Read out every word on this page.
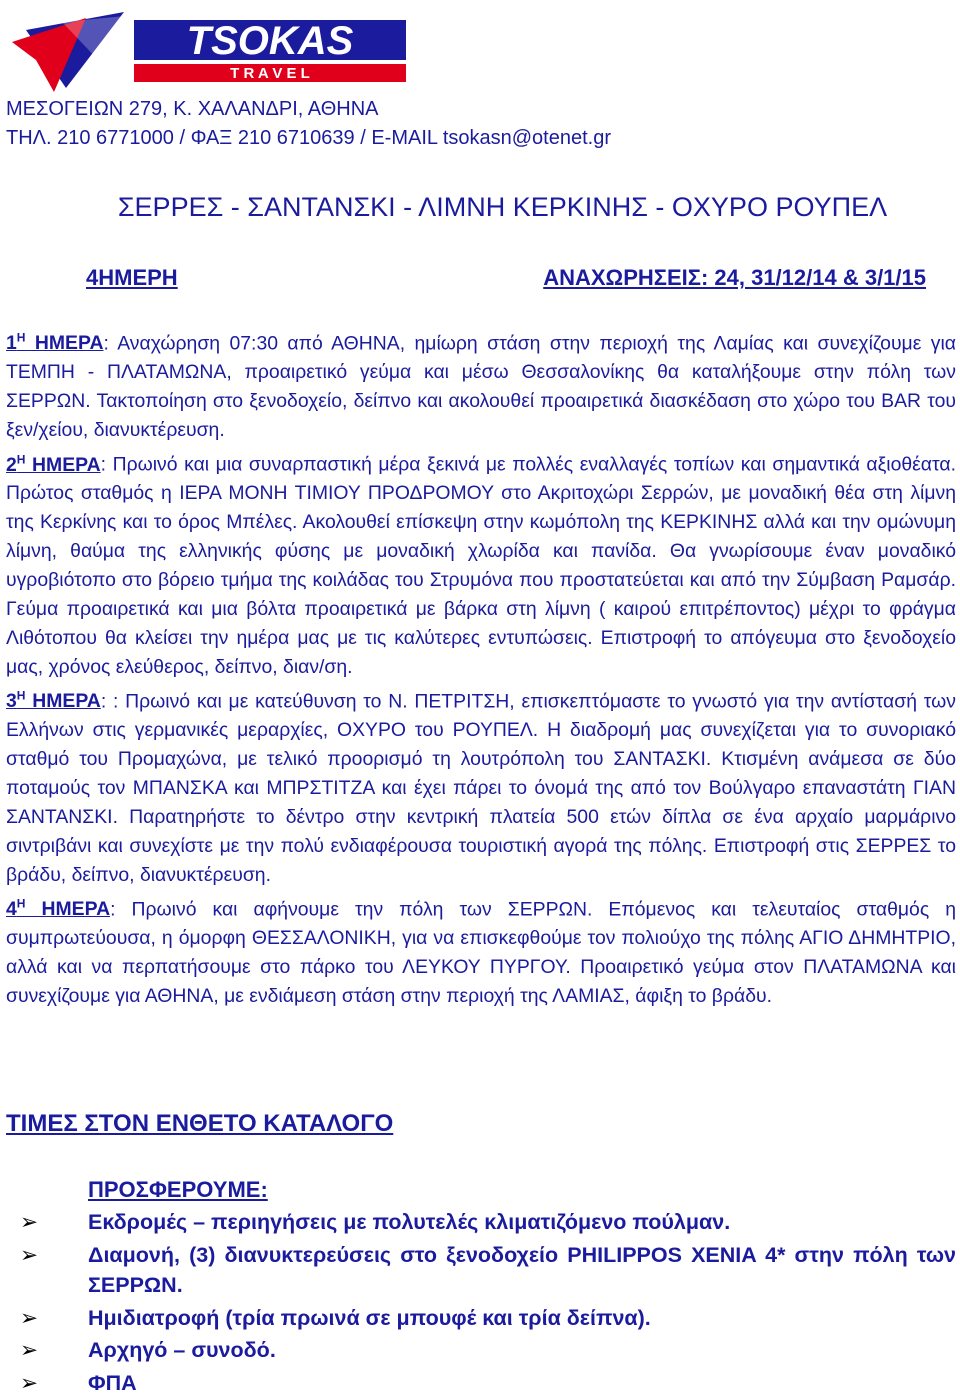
TSOKAS
T R A V E L
ΜΕΣΟΓΕΙΩΝ 279, Κ. ΧΑΛΑΝΔΡΙ, ΑΘΗΝΑ
ΤΗΛ. 210 6771000 / ΦΑΞ 210 6710639 / E-MAIL tsokasn@otenet.gr
ΣΕΡΡΕΣ - ΣΑΝΤΑΝΣΚΙ - ΛΙΜΝΗ ΚΕΡΚΙΝΗΣ - ΟΧΥΡΟ ΡΟΥΠΕΛ
4ΗΜΕΡΗ	ΑΝΑΧΩΡΗΣΕΙΣ: 24, 31/12/14 & 3/1/15

$1^H$ ΗΜΕΡΑ: Αναχώρηση 07:30 από ΑΘΗΝΑ, ημίωρη στάση στην περιοχή της Λαμίας και συνεχίζουμε για ΤΕΜΠΗ - ΠΛΑΤΑΜΩΝΑ, προαιρετικό γεύμα και μέσω Θεσσαλονίκης θα καταλήξουμε στην πόλη των ΣΕΡΡΩΝ. Τακτοποίηση στο ξενοδοχείο, δείπνο και ακολουθεί προαιρετικά διασκέδαση στο χώρο του BAR του ξεν/χείου, διανυκτέρευση.

$2^H$ ΗΜΕΡΑ: Πρωινό και μια συναρπαστική μέρα ξεκινά με πολλές εναλλαγές τοπίων και σημαντικά αξιοθέατα. Πρώτος σταθμός η ΙΕΡΑ ΜΟΝΗ ΤΙΜΙΟΥ ΠΡΟΔΡΟΜΟΥ στο Ακριτοχώρι Σερρών, με μοναδική θέα στη λίμνη της Κερκίνης και το όρος Μπέλες. Ακολουθεί επίσκεψη στην κωμόπολη της ΚΕΡΚΙΝΗΣ αλλά και την ομώνυμη λίμνη, θαύμα της ελληνικής φύσης με μοναδική χλωρίδα και πανίδα. Θα γνωρίσουμε έναν μοναδικό υγροβιότοπο στο βόρειο τμήμα της κοιλάδας του Στρυμόνα που προστατεύεται και από την Σύμβαση Ραμσάρ. Γεύμα προαιρετικά και μια βόλτα προαιρετικά με βάρκα στη λίμνη ( καιρού επιτρέποντος) μέχρι το φράγμα Λιθότοπου θα κλείσει την ημέρα μας με τις καλύτερες εντυπώσεις. Επιστροφή το απόγευμα στο ξενοδοχείο μας, χρόνος ελεύθερος, δείπνο, διαν/ση.

$3^H$ ΗΜΕΡΑ: : Πρωινό και με κατεύθυνση το Ν. ΠΕΤΡΙΤΣΗ, επισκεπτόμαστε το γνωστό για την αντίστασή των Ελλήνων στις γερμανικές μεραρχίες, ΟΧΥΡΟ του ΡΟΥΠΕΛ. Η διαδρομή μας συνεχίζεται για το συνοριακό σταθμό του Προμαχώνα, με τελικό προορισμό τη λουτρόπολη του ΣΑΝΤΑΣΚΙ. Κτισμένη ανάμεσα σε δύο ποταμούς τον ΜΠΑΝΣΚΑ και ΜΠΡΣΤΙΤΖΑ και έχει πάρει το όνομά της από τον Βούλγαρο επαναστάτη ΓΙΑΝ ΣΑΝΤΑΝΣΚΙ. Παρατηρήστε το δέντρο στην κεντρική πλατεία 500 ετών δίπλα σε ένα αρχαίο μαρμάρινο σιντριβάνι και συνεχίστε με την πολύ ενδιαφέρουσα τουριστική αγορά της πόλης. Επιστροφή στις ΣΕΡΡΕΣ το βράδυ, δείπνο, διανυκτέρευση.

$4^H$ ΗΜΕΡΑ: Πρωινό και αφήνουμε την πόλη των ΣΕΡΡΩΝ. Επόμενος και τελευταίος σταθμός η συμπρωτεύουσα, η όμορφη ΘΕΣΣΑΛΟΝΙΚΗ, για να επισκεφθούμε τον πολιούχο της πόλης ΑΓΙΟ ΔΗΜΗΤΡΙΟ, αλλά και να περπατήσουμε στο πάρκο του ΛΕΥΚΟΥ ΠΥΡΓΟΥ. Προαιρετικό γεύμα στον ΠΛΑΤΑΜΩΝΑ και συνεχίζουμε για ΑΘΗΝΑ, με ενδιάμεση στάση στην περιοχή της ΛΑΜΙΑΣ, άφιξη το βράδυ.

ΤΙΜΕΣ ΣΤΟΝ ΕΝΘΕΤΟ ΚΑΤΑΛΟΓΟ
ΠΡΟΣΦΕΡΟΥΜΕ:
➢ Εκδρομές – περιηγήσεις με πολυτελές κλιματιζόμενο πούλμαν.
➢ Διαμονή, (3) διανυκτερεύσεις στο ξενοδοχείο PHILIPPOS XENIA 4* στην πόλη των ΣΕΡΡΩΝ.
➢ Ημιδιατροφή (τρία πρωινά σε μπουφέ και τρία δείπνα).
➢ Αρχηγό – συνοδό.
➢ ΦΠΑ
